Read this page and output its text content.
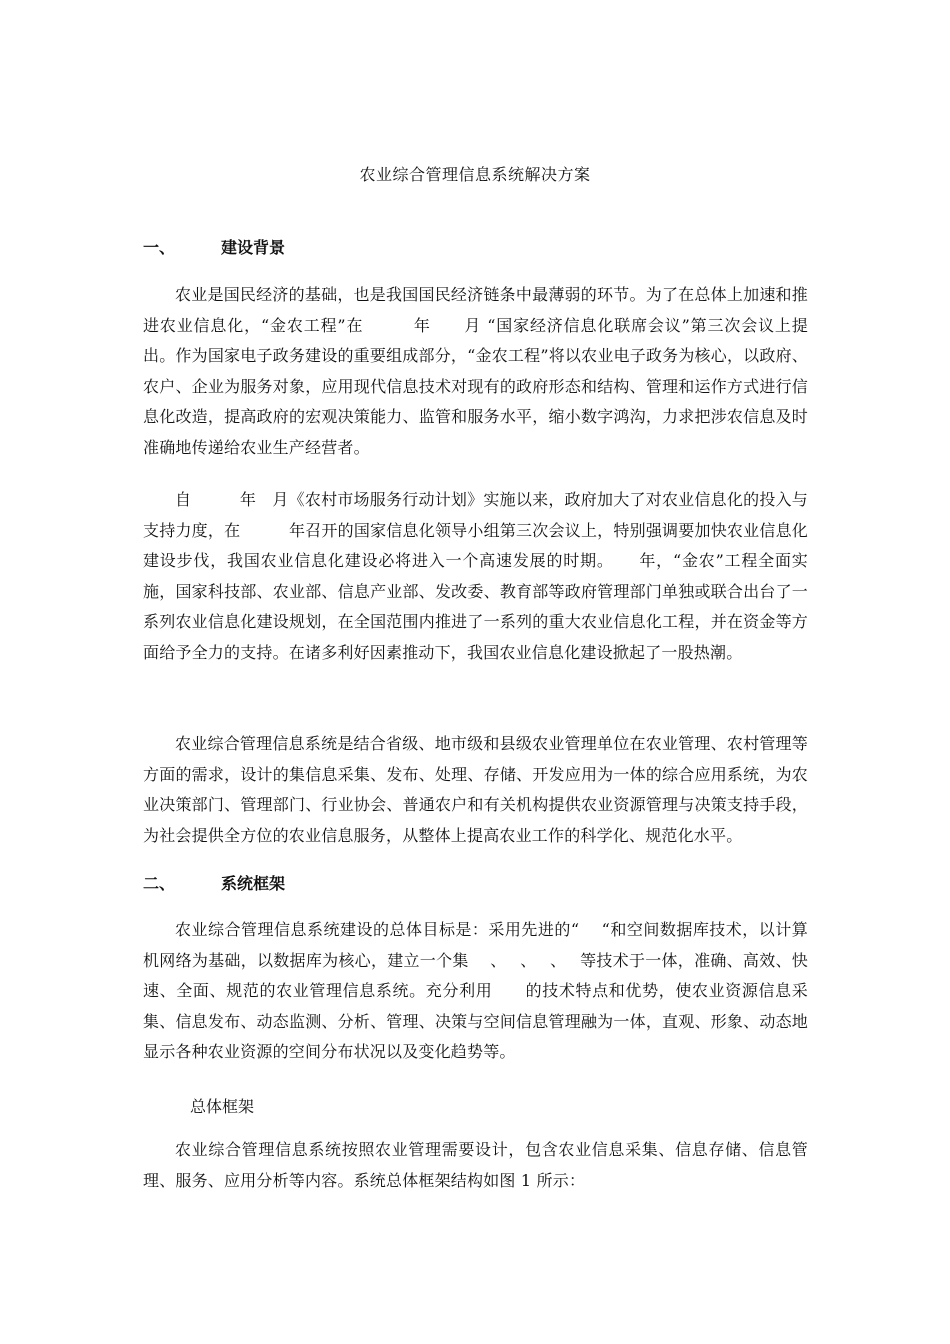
农业综合管理信息系统解决方案
一、	建设背景

农业是国民经济的基础，也是我国国民经济链条中最薄弱的环节。为了在总体上加速和推进农业信息化，“金农工程”在　　　年　　月 “国家经济信息化联席会议”第三次会议上提出。作为国家电子政务建设的重要组成部分，“金农工程”将以农业电子政务为核心，以政府、农户、企业为服务对象，应用现代信息技术对现有的政府形态和结构、管理和运作方式进行信息化改造，提高政府的宏观决策能力、监管和服务水平，缩小数字鸿沟，力求把涉农信息及时准确地传递给农业生产经营者。

自　　　年　月《农村市场服务行动计划》实施以来，政府加大了对农业信息化的投入与支持力度，在　　　年召开的国家信息化领导小组第三次会议上，特别强调要加快农业信息化建设步伐，我国农业信息化建设必将进入一个高速发展的时期。　　年，“金农”工程全面实施，国家科技部、农业部、信息产业部、发改委、教育部等政府管理部门单独或联合出台了一系列农业信息化建设规划，在全国范围内推进了一系列的重大农业信息化工程，并在资金等方面给予全力的支持。在诸多利好因素推动下，我国农业信息化建设掀起了一股热潮。

农业综合管理信息系统是结合省级、地市级和县级农业管理单位在农业管理、农村管理等方面的需求，设计的集信息采集、发布、处理、存储、开发应用为一体的综合应用系统，为农业决策部门、管理部门、行业协会、普通农户和有关机构提供农业资源管理与决策支持手段，为社会提供全方位的农业信息服务，从整体上提高农业工作的科学化、规范化水平。

二、	系统框架

农业综合管理信息系统建设的总体目标是：采用先进的“　 “和空间数据库技术，以计算机网络为基础，以数据库为核心，建立一个集　 、　 、　 、　 等技术于一体，准确、高效、快速、全面、规范的农业管理信息系统。充分利用　　的技术特点和优势，使农业资源信息采集、信息发布、动态监测、分析、管理、决策与空间信息管理融为一体，直观、形象、动态地显示各种农业资源的空间分布状况以及变化趋势等。

总体框架

农业综合管理信息系统按照农业管理需要设计，包含农业信息采集、信息存储、信息管理、服务、应用分析等内容。系统总体框架结构如图 1 所示：
